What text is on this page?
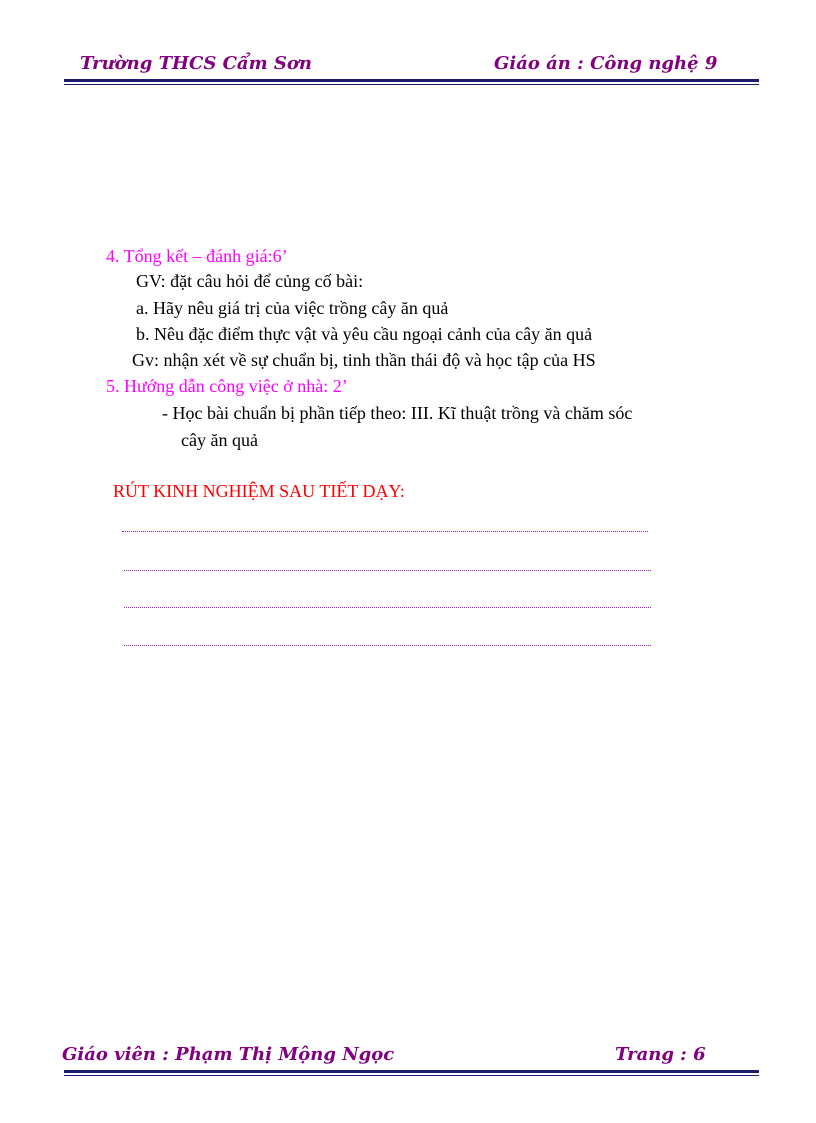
Trường THCS Cẩm Sơn	Giáo án : Công nghệ 9
4. Tổng kết – đánh giá:6’
GV: đặt câu hỏi để củng cố bài:
a. Hãy nêu giá trị của việc trồng cây ăn quả
b. Nêu đặc điểm thực vật và yêu cầu ngoại cảnh của cây ăn quả
Gv: nhận xét về sự chuẩn bị, tinh thần thái độ và học tập của HS
5. Hướng dẫn công việc ở nhà: 2’
- Học bài chuẩn bị phần tiếp theo: III. Kĩ thuật trồng và chăm sóc
cây ăn quả
RÚT KINH NGHIỆM SAU TIẾT DẠY:
Giáo viên : Phạm Thị Mộng Ngọc	Trang : 6
